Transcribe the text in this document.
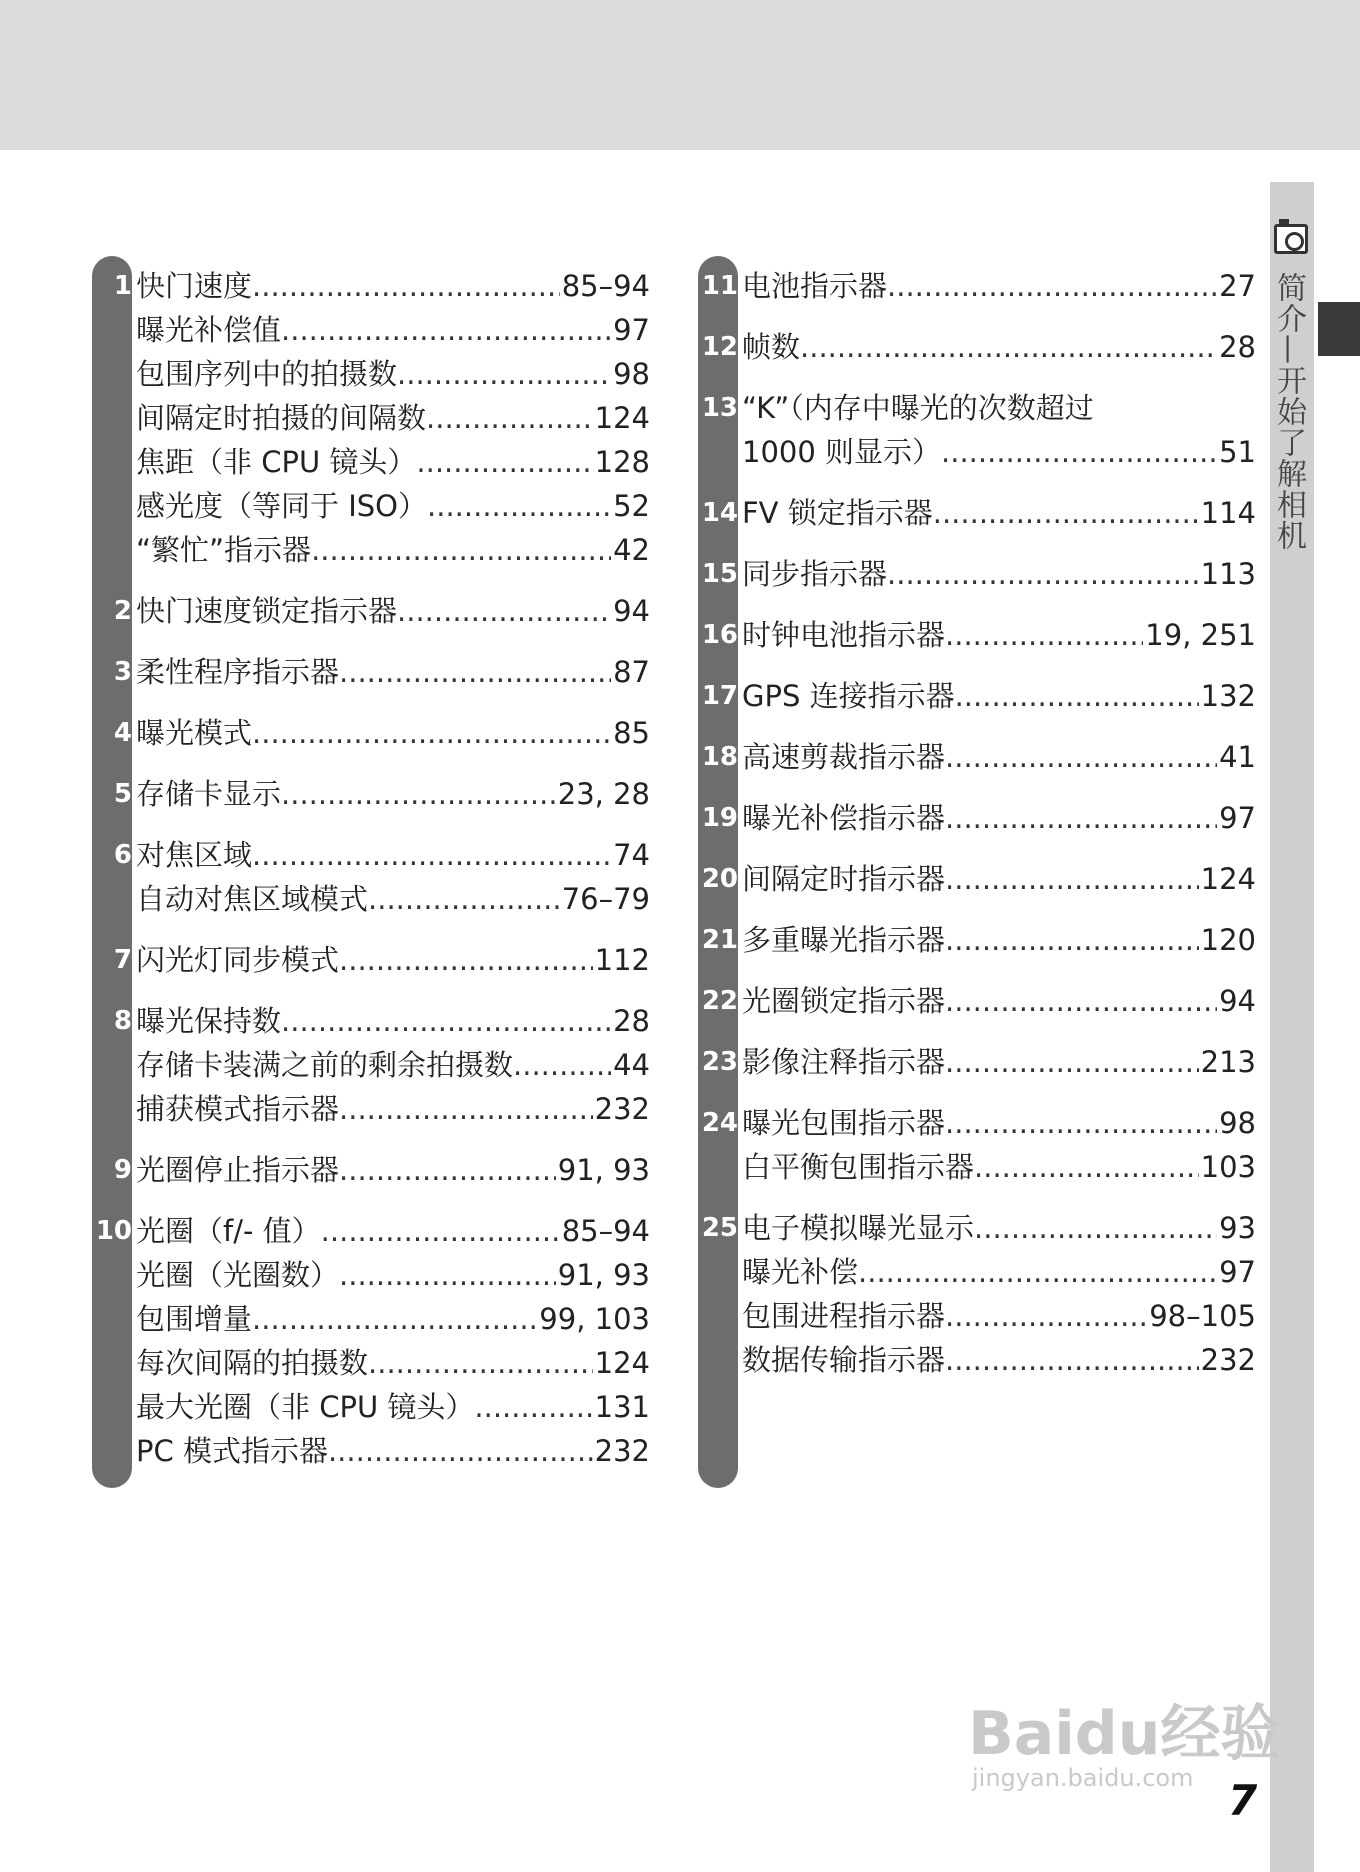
简介—开始了解相机
1 快门速度 .....	85–94
曝光补偿值 .....	97
包围序列中的拍摄数 .....	98
间隔定时拍摄的间隔数 .....	124
焦距（非 CPU 镜头） .....	128
感光度（等同于 ISO） .....	52
“繁忙”指示器 .....	42
2 快门速度锁定指示器 .....	94
3 柔性程序指示器 .....	87
4 曝光模式 .....	85
5 存储卡显示 .....	23, 28
6 对焦区域 .....	74
自动对焦区域模式 .....	76–79
7 闪光灯同步模式 .....	112
8 曝光保持数 .....	28
存储卡装满之前的剩余拍摄数 .....	44
捕获模式指示器 .....	232
9 光圈停止指示器 .....	91, 93
10 光圈（f/- 值） .....	85–94
光圈（光圈数） .....	91, 93
包围增量 .....	99, 103
每次间隔的拍摄数 .....	124
最大光圈（非 CPU 镜头） .....	131
PC 模式指示器 .....	232
11 电池指示器 .....	27
12 帧数 .....	28
13 “K”（内存中曝光的次数超过
1000 则显示） .....	51
14 FV 锁定指示器 .....	114
15 同步指示器 .....	113
16 时钟电池指示器 .....	19, 251
17 GPS 连接指示器 .....	132
18 高速剪裁指示器 .....	41
19 曝光补偿指示器 .....	97
20 间隔定时指示器 .....	124
21 多重曝光指示器 .....	120
22 光圈锁定指示器 .....	94
23 影像注释指示器 .....	213
24 曝光包围指示器 .....	98
白平衡包围指示器 .....	103
25 电子模拟曝光显示 .....	93
曝光补偿 .....	97
包围进程指示器 .....	98–105
数据传输指示器 .....	232
Baidu经验
jingyan.baidu.com 7
